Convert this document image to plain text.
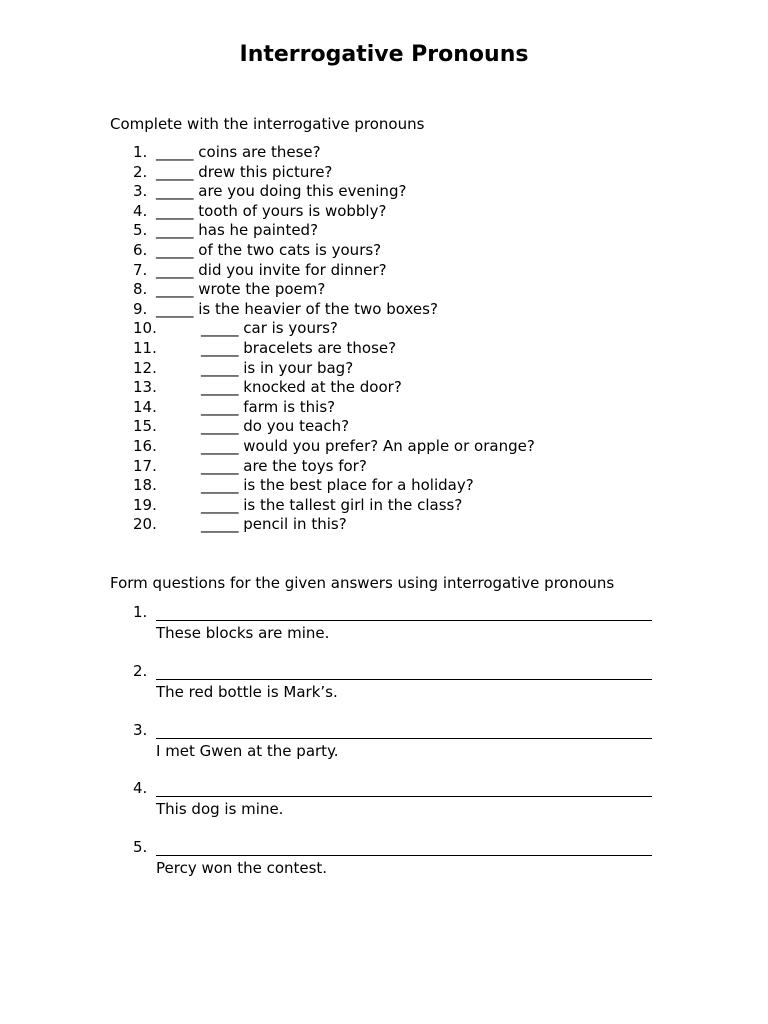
Interrogative Pronouns
Complete with the interrogative pronouns
1. _____ coins are these?
2. _____ drew this picture?
3. _____ are you doing this evening?
4. _____ tooth of yours is wobbly?
5. _____ has he painted?
6. _____ of the two cats is yours?
7. _____ did you invite for dinner?
8. _____ wrote the poem?
9. _____ is the heavier of the two boxes?
10.	_____ car is yours?
11.	_____ bracelets are those?
12.	_____ is in your bag?
13.	_____ knocked at the door?
14.	_____ farm is this?
15.	_____ do you teach?
16.	_____ would you prefer? An apple or orange?
17.	_____ are the toys for?
18.	_____ is the best place for a holiday?
19.	_____ is the tallest girl in the class?
20.	_____ pencil in this?
Form questions for the given answers using interrogative pronouns
1.
These blocks are mine.
2.
The red bottle is Mark’s.
3.
I met Gwen at the party.
4.
This dog is mine.
5.
Percy won the contest.
